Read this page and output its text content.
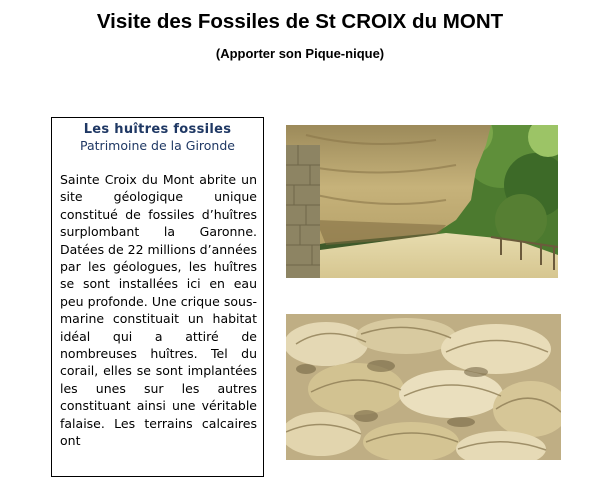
Visite des Fossiles de St CROIX du MONT
(Apporter son Pique-nique)
Les huîtres fossiles
Patrimoine de la Gironde
Sainte Croix du Mont abrite un site géologique unique constitué de fossiles d’huîtres surplombant la Garonne. Datées de 22 millions d’années par les géologues, les huîtres se sont installées ici en eau peu profonde. Une crique sous-marine constituait un habitat idéal qui a attiré de nombreuses huîtres. Tel du corail, elles se sont implantées les unes sur les autres constituant ainsi une véritable falaise. Les terrains calcaires ont
